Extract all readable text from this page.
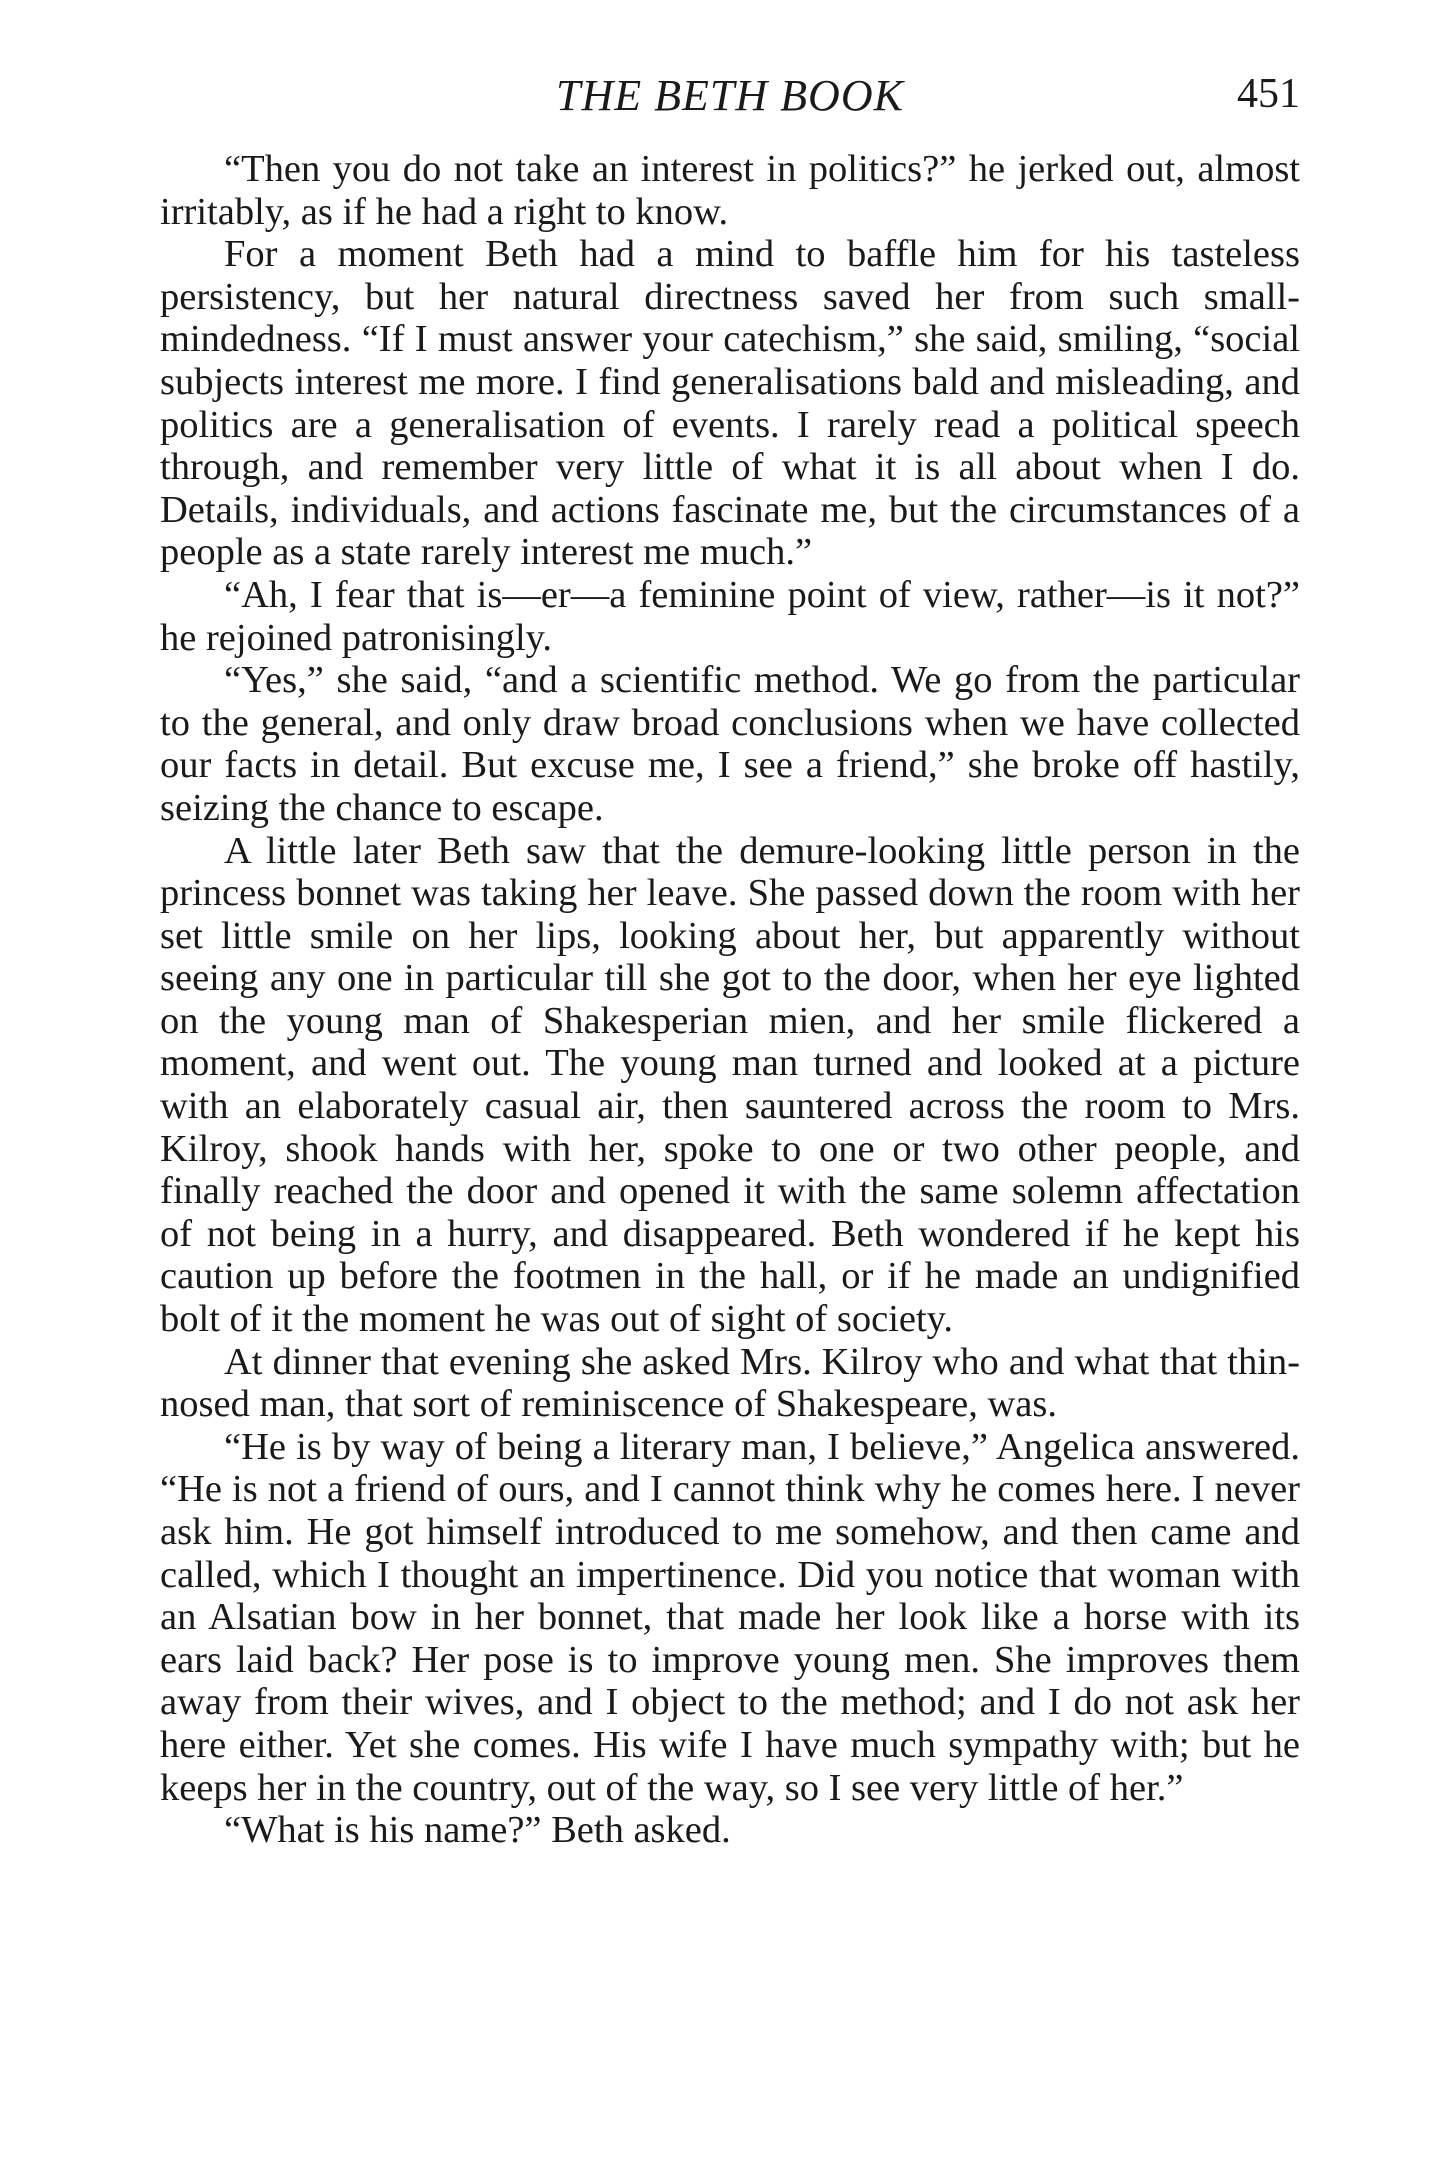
THE BETH BOOK	451

“Then you do not take an interest in politics?” he jerked out, almost irritably, as if he had a right to know.

For a moment Beth had a mind to baffle him for his tasteless persistency, but her natural directness saved her from such small-mindedness. “If I must answer your catechism,” she said, smiling, “social subjects interest me more. I find generalisations bald and misleading, and politics are a generalisation of events. I rarely read a political speech through, and remember very little of what it is all about when I do. Details, individuals, and actions fascinate me, but the circumstances of a people as a state rarely interest me much.”

“Ah, I fear that is—er—a feminine point of view, rather—is it not?” he rejoined patronisingly.

“Yes,” she said, “and a scientific method. We go from the particular to the general, and only draw broad conclusions when we have collected our facts in detail. But excuse me, I see a friend,” she broke off hastily, seizing the chance to escape.

A little later Beth saw that the demure-looking little person in the princess bonnet was taking her leave. She passed down the room with her set little smile on her lips, looking about her, but apparently without seeing any one in particular till she got to the door, when her eye lighted on the young man of Shakesperian mien, and her smile flickered a moment, and went out. The young man turned and looked at a picture with an elaborately casual air, then sauntered across the room to Mrs. Kilroy, shook hands with her, spoke to one or two other people, and finally reached the door and opened it with the same solemn affectation of not being in a hurry, and disappeared. Beth wondered if he kept his caution up before the footmen in the hall, or if he made an undignified bolt of it the moment he was out of sight of society.

At dinner that evening she asked Mrs. Kilroy who and what that thin-nosed man, that sort of reminiscence of Shakespeare, was.

“He is by way of being a literary man, I believe,” Angelica answered. “He is not a friend of ours, and I cannot think why he comes here. I never ask him. He got himself introduced to me somehow, and then came and called, which I thought an impertinence. Did you notice that woman with an Alsatian bow in her bonnet, that made her look like a horse with its ears laid back? Her pose is to improve young men. She improves them away from their wives, and I object to the method; and I do not ask her here either. Yet she comes. His wife I have much sympathy with; but he keeps her in the country, out of the way, so I see very little of her.”

“What is his name?” Beth asked.
